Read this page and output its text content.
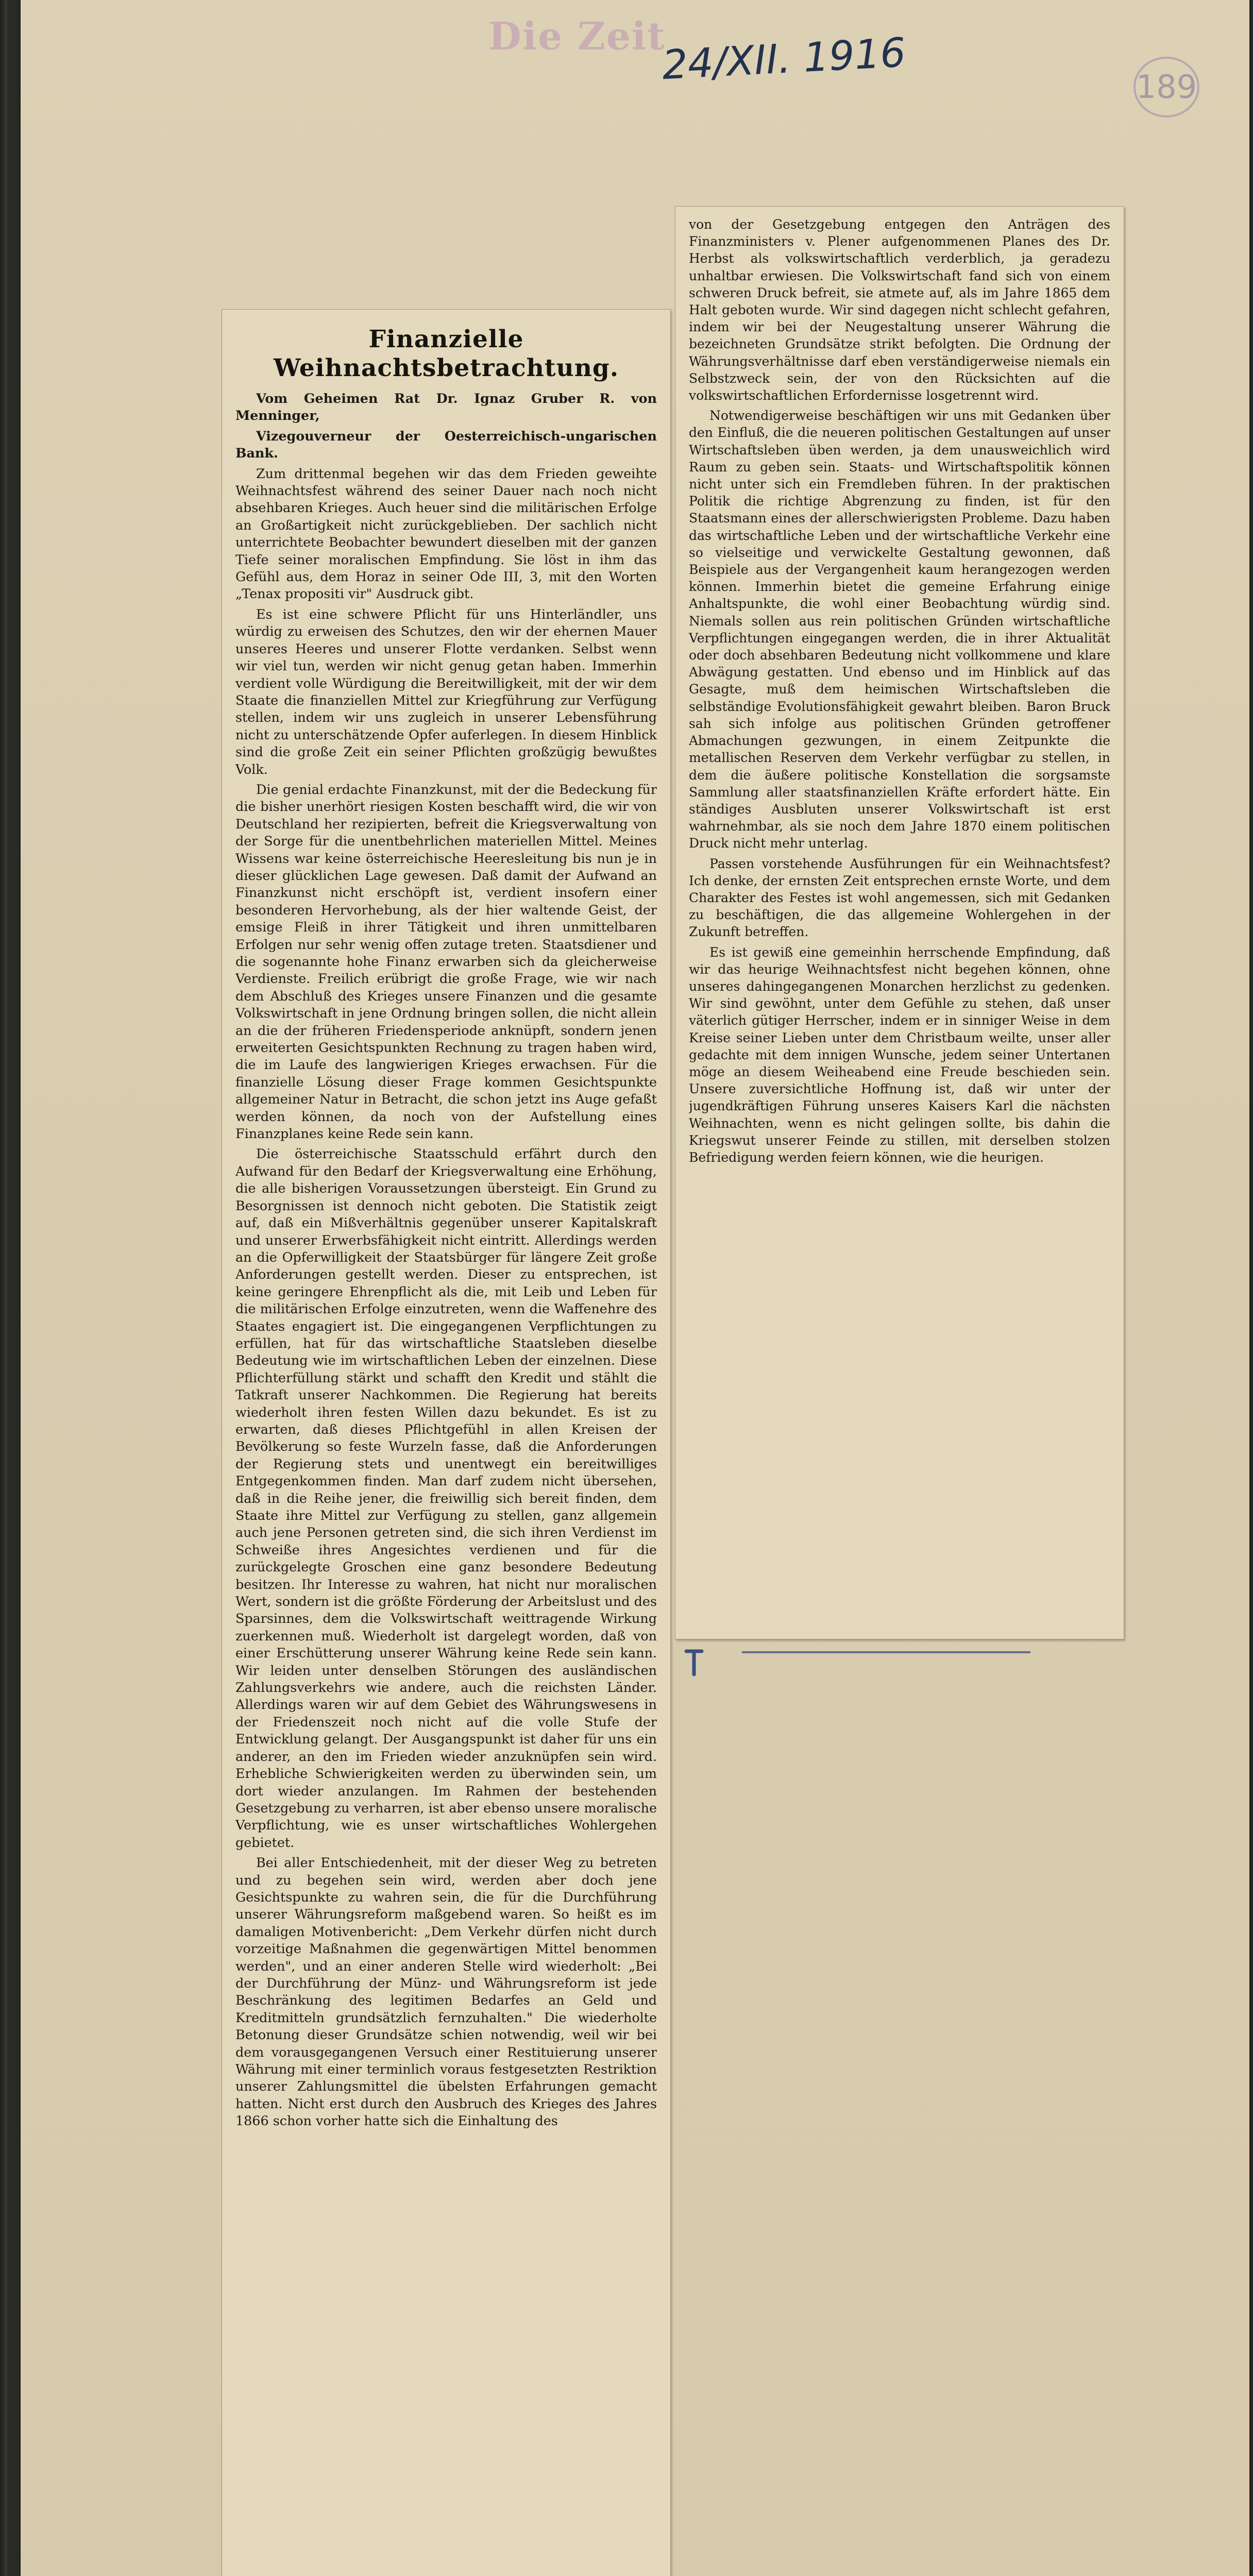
Die Zeit
24/XII. 1916	189
Finanzielle Weihnachtsbetrachtung.

Vom Geheimen Rat Dr. Ignaz Gruber R. von Menninger,

Vizegouverneur der Oesterreichisch-ungarischen Bank.

Zum drittenmal begehen wir das dem Frieden geweihte Weihnachtsfest während des seiner Dauer nach noch nicht absehbaren Krieges. Auch heuer sind die militärischen Erfolge an Großartigkeit nicht zurückgeblieben. Der sachlich nicht unterrichtete Beobachter bewundert dieselben mit der ganzen Tiefe seiner moralischen Empfindung. Sie löst in ihm das Gefühl aus, dem Horaz in seiner Ode III, 3, mit den Worten „Tenax propositi vir" Ausdruck gibt.

Es ist eine schwere Pflicht für uns Hinterländler, uns würdig zu erweisen des Schutzes, den wir der ehernen Mauer unseres Heeres und unserer Flotte verdanken. Selbst wenn wir viel tun, werden wir nicht genug getan haben. Immerhin verdient volle Würdigung die Bereitwilligkeit, mit der wir dem Staate die finanziellen Mittel zur Kriegführung zur Verfügung stellen, indem wir uns zugleich in unserer Lebensführung nicht zu unterschätzende Opfer auferlegen. In diesem Hinblick sind die große Zeit ein seiner Pflichten großzügig bewußtes Volk.

Die genial erdachte Finanzkunst, mit der die Bedeckung für die bisher unerhört riesigen Kosten beschafft wird, die wir von Deutschland her rezipierten, befreit die Kriegsverwaltung von der Sorge für die unentbehrlichen materiellen Mittel. Meines Wissens war keine österreichische Heeresleitung bis nun je in dieser glücklichen Lage gewesen. Daß damit der Aufwand an Finanzkunst nicht erschöpft ist, verdient insofern einer besonderen Hervorhebung, als der hier waltende Geist, der emsige Fleiß in ihrer Tätigkeit und ihren unmittelbaren Erfolgen nur sehr wenig offen zutage treten. Staatsdiener und die sogenannte hohe Finanz erwarben sich da gleicherweise Verdienste. Freilich erübrigt die große Frage, wie wir nach dem Abschluß des Krieges unsere Finanzen und die gesamte Volkswirtschaft in jene Ordnung bringen sollen, die nicht allein an die der früheren Friedensperiode anknüpft, sondern jenen erweiterten Gesichtspunkten Rechnung zu tragen haben wird, die im Laufe des langwierigen Krieges erwachsen. Für die finanzielle Lösung dieser Frage kommen Gesichtspunkte allgemeiner Natur in Betracht, die schon jetzt ins Auge gefaßt werden können, da noch von der Aufstellung eines Finanzplanes keine Rede sein kann.

Die österreichische Staatsschuld erfährt durch den Aufwand für den Bedarf der Kriegsverwaltung eine Erhöhung, die alle bisherigen Voraussetzungen übersteigt. Ein Grund zu Besorgnissen ist dennoch nicht geboten. Die Statistik zeigt auf, daß ein Mißverhältnis gegenüber unserer Kapitalskraft und unserer Erwerbsfähigkeit nicht eintritt. Allerdings werden an die Opferwilligkeit der Staatsbürger für längere Zeit große Anforderungen gestellt werden. Dieser zu entsprechen, ist keine geringere Ehrenpflicht als die, mit Leib und Leben für die militärischen Erfolge einzutreten, wenn die Waffenehre des Staates engagiert ist. Die eingegangenen Verpflichtungen zu erfüllen, hat für das wirtschaftliche Staatsleben dieselbe Bedeutung wie im wirtschaftlichen Leben der einzelnen. Diese Pflichterfüllung stärkt und schafft den Kredit und stählt die Tatkraft unserer Nachkommen. Die Regierung hat bereits wiederholt ihren festen Willen dazu bekundet. Es ist zu erwarten, daß dieses Pflichtgefühl in allen Kreisen der Bevölkerung so feste Wurzeln fasse, daß die Anforderungen der Regierung stets und unentwegt ein bereitwilliges Entgegenkommen finden. Man darf zudem nicht übersehen, daß in die Reihe jener, die freiwillig sich bereit finden, dem Staate ihre Mittel zur Verfügung zu stellen, ganz allgemein auch jene Personen getreten sind, die sich ihren Verdienst im Schweiße ihres Angesichtes verdienen und für die zurückgelegte Groschen eine ganz besondere Bedeutung besitzen. Ihr Interesse zu wahren, hat nicht nur moralischen Wert, sondern ist die größte Förderung der Arbeitslust und des Sparsinnes, dem die Volkswirtschaft weittragende Wirkung zuerkennen muß. Wiederholt ist dargelegt worden, daß von einer Erschütterung unserer Währung keine Rede sein kann. Wir leiden unter denselben Störungen des ausländischen Zahlungsverkehrs wie andere, auch die reichsten Länder. Allerdings waren wir auf dem Gebiet des Währungswesens in der Friedenszeit noch nicht auf die volle Stufe der Entwicklung gelangt. Der Ausgangspunkt ist daher für uns ein anderer, an den im Frieden wieder anzuknüpfen sein wird. Erhebliche Schwierigkeiten werden zu überwinden sein, um dort wieder anzulangen. Im Rahmen der bestehenden Gesetzgebung zu verharren, ist aber ebenso unsere moralische Verpflichtung, wie es unser wirtschaftliches Wohlergehen gebietet.

Bei aller Entschiedenheit, mit der dieser Weg zu betreten und zu begehen sein wird, werden aber doch jene Gesichtspunkte zu wahren sein, die für die Durchführung unserer Währungsreform maßgebend waren. So heißt es im damaligen Motivenbericht: „Dem Verkehr dürfen nicht durch vorzeitige Maßnahmen die gegenwärtigen Mittel benommen werden", und an einer anderen Stelle wird wiederholt: „Bei der Durchführung der Münz- und Währungsreform ist jede Beschränkung des legitimen Bedarfes an Geld und Kreditmitteln grundsätzlich fernzuhalten." Die wiederholte Betonung dieser Grundsätze schien notwendig, weil wir bei dem vorausgegangenen Versuch einer Restituierung unserer Währung mit einer terminlich voraus festgesetzten Restriktion unserer Zahlungsmittel die übelsten Erfahrungen gemacht hatten. Nicht erst durch den Ausbruch des Krieges des Jahres 1866 schon vorher hatte sich die Einhaltung des

von der Gesetzgebung entgegen den Anträgen des Finanzministers v. Plener aufgenommenen Planes des Dr. Herbst als volkswirtschaftlich verderblich, ja geradezu unhaltbar erwiesen. Die Volkswirtschaft fand sich von einem schweren Druck befreit, sie atmete auf, als im Jahre 1865 dem Halt geboten wurde. Wir sind dagegen nicht schlecht gefahren, indem wir bei der Neugestaltung unserer Währung die bezeichneten Grundsätze strikt befolgten. Die Ordnung der Währungsverhältnisse darf eben verständigerweise niemals ein Selbstzweck sein, der von den Rücksichten auf die volkswirtschaftlichen Erfordernisse losgetrennt wird.

Notwendigerweise beschäftigen wir uns mit Gedanken über den Einfluß, die die neueren politischen Gestaltungen auf unser Wirtschaftsleben üben werden, ja dem unausweichlich wird Raum zu geben sein. Staats- und Wirtschaftspolitik können nicht unter sich ein Fremdleben führen. In der praktischen Politik die richtige Abgrenzung zu finden, ist für den Staatsmann eines der allerschwierigsten Probleme. Dazu haben das wirtschaftliche Leben und der wirtschaftliche Verkehr eine so vielseitige und verwickelte Gestaltung gewonnen, daß Beispiele aus der Vergangenheit kaum herangezogen werden können. Immerhin bietet die gemeine Erfahrung einige Anhaltspunkte, die wohl einer Beobachtung würdig sind. Niemals sollen aus rein politischen Gründen wirtschaftliche Verpflichtungen eingegangen werden, die in ihrer Aktualität oder doch absehbaren Bedeutung nicht vollkommene und klare Abwägung gestatten. Und ebenso und im Hinblick auf das Gesagte, muß dem heimischen Wirtschaftsleben die selbständige Evolutionsfähigkeit gewahrt bleiben. Baron Bruck sah sich infolge aus politischen Gründen getroffener Abmachungen gezwungen, in einem Zeitpunkte die metallischen Reserven dem Verkehr verfügbar zu stellen, in dem die äußere politische Konstellation die sorgsamste Sammlung aller staatsfinanziellen Kräfte erfordert hätte. Ein ständiges Ausbluten unserer Volkswirtschaft ist erst wahrnehmbar, als sie noch dem Jahre 1870 einem politischen Druck nicht mehr unterlag.

Passen vorstehende Ausführungen für ein Weihnachtsfest? Ich denke, der ernsten Zeit entsprechen ernste Worte, und dem Charakter des Festes ist wohl angemessen, sich mit Gedanken zu beschäftigen, die das allgemeine Wohlergehen in der Zukunft betreffen.

Es ist gewiß eine gemeinhin herrschende Empfindung, daß wir das heurige Weihnachtsfest nicht begehen können, ohne unseres dahingegangenen Monarchen herzlichst zu gedenken. Wir sind gewöhnt, unter dem Gefühle zu stehen, daß unser väterlich gütiger Herrscher, indem er in sinniger Weise in dem Kreise seiner Lieben unter dem Christbaum weilte, unser aller gedachte mit dem innigen Wunsche, jedem seiner Untertanen möge an diesem Weiheabend eine Freude beschieden sein. Unsere zuversichtliche Hoffnung ist, daß wir unter der jugendkräftigen Führung unseres Kaisers Karl die nächsten Weihnachten, wenn es nicht gelingen sollte, bis dahin die Kriegswut unserer Feinde zu stillen, mit derselben stolzen Befriedigung werden feiern können, wie die heurigen.
